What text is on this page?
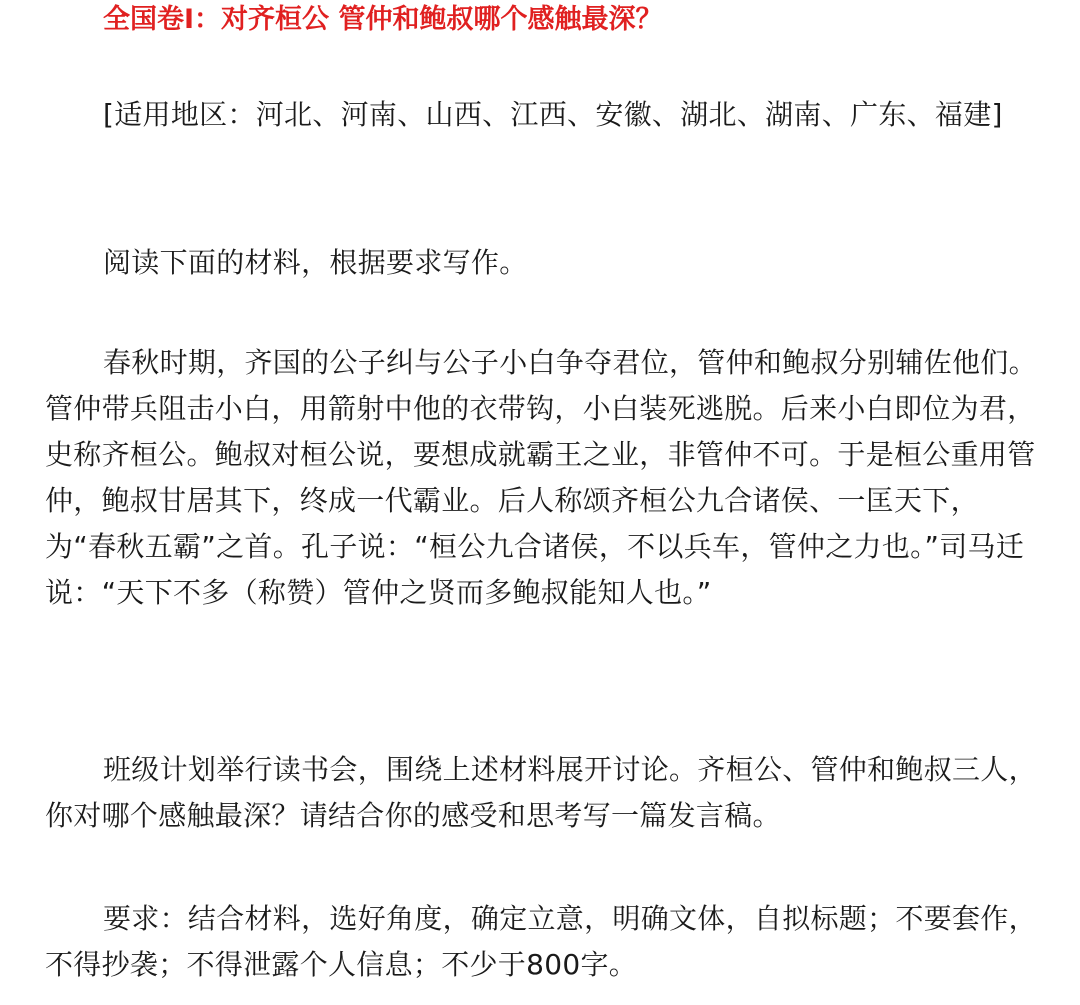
全国卷Ⅰ：对齐桓公 管仲和鲍叔哪个感触最深？

[适用地区：河北、河南、山西、江西、安徽、湖北、湖南、广东、福建]

阅读下面的材料，根据要求写作。

春秋时期，齐国的公子纠与公子小白争夺君位，管仲和鲍叔分别辅佐他们。管仲带兵阻击小白，用箭射中他的衣带钩，小白装死逃脱。后来小白即位为君，史称齐桓公。鲍叔对桓公说，要想成就霸王之业，非管仲不可。于是桓公重用管仲，鲍叔甘居其下，终成一代霸业。后人称颂齐桓公九合诸侯、一匡天下，为“春秋五霸”之首。孔子说：“桓公九合诸侯，不以兵车，管仲之力也。”司马迁说：“天下不多（称赞）管仲之贤而多鲍叔能知人也。”

班级计划举行读书会，围绕上述材料展开讨论。齐桓公、管仲和鲍叔三人，你对哪个感触最深？请结合你的感受和思考写一篇发言稿。

要求：结合材料，选好角度，确定立意，明确文体，自拟标题；不要套作，不得抄袭；不得泄露个人信息；不少于800字。
